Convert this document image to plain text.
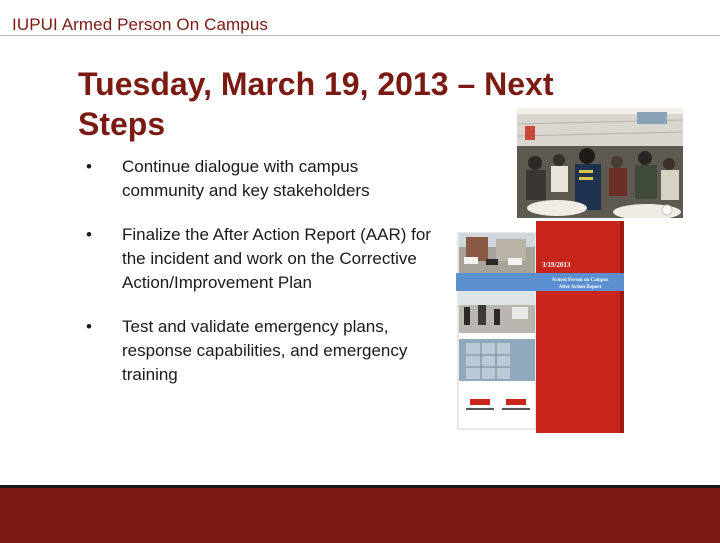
IUPUI Armed Person On Campus
Tuesday, March 19, 2013 – Next Steps
• Continue dialogue with campus community and key stakeholders
• Finalize the After Action Report (AAR) for the incident and work on the Corrective Action/Improvement Plan
• Test and validate emergency plans, response capabilities, and emergency training
3/19/2013
Armed Person on Campus
After Action Report
